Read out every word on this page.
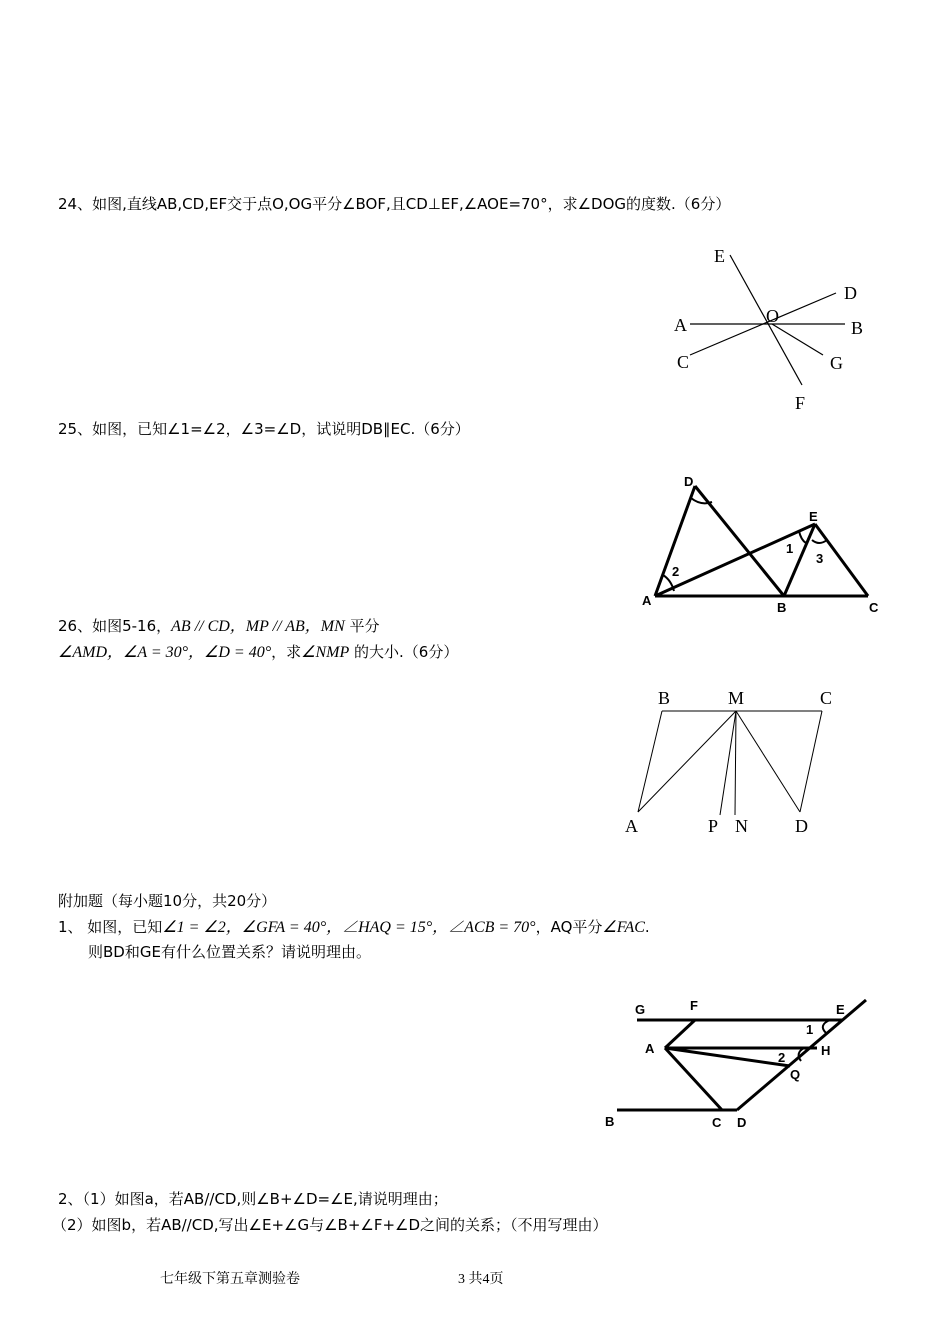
24、如图,直线AB,CD,EF交于点O,OG平分∠BOF,且CD⊥EF,∠AOE=70°，求∠DOG的度数.（6分）
E
D
A	O
B
C	G
F
D
E
1
3
2
A	B	C
B	M	C
A	P N	D
G	F	E
1
A
2	H
Q
B	C D
25、如图，已知∠1=∠2，∠3=∠D，试说明DB∥EC.（6分）
26、如图5-16，AB // CD，MP // AB，MN 平分
∠AMD，∠A = 30°，∠D = 40°，求∠NMP 的大小.（6分）
附加题（每小题10分，共20分）
1、 如图，已知∠1 = ∠2，∠GFA = 40°，∠HAQ = 15°，∠ACB = 70°，AQ平分∠FAC.
则BD和GE有什么位置关系？请说明理由。
2、（1）如图a，若AB//CD,则∠B+∠D=∠E,请说明理由；
（2）如图b，若AB//CD,写出∠E+∠G与∠B+∠F+∠D之间的关系；（不用写理由）
七年级下第五章测验卷	3 共4页
